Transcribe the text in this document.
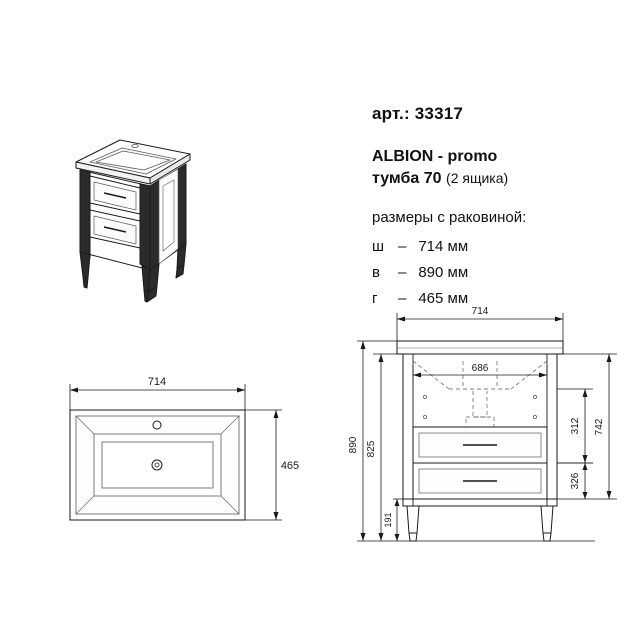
714
465
714
686
890 825
191
312 742
326
арт.: 33317
ALBION - promo
тумба 70 (2 ящика)
размеры с раковиной:
ш – 714 мм
в – 890 мм
г – 465 мм
